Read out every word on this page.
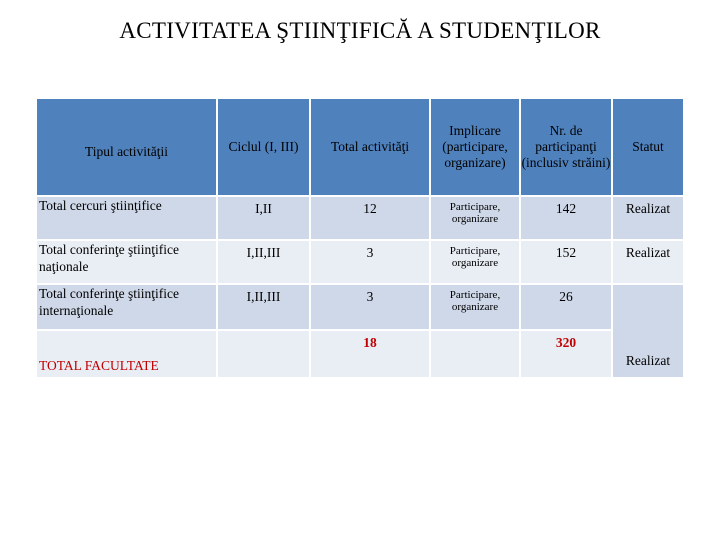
ACTIVITATEA ŞTIINŢIFICĂ A STUDENŢILOR
Tipul activităţii	Ciclul (I, III)	Total activităţi	Implicare (participare, organizare)	Nr. de participanţi (inclusiv străini)	Statut
Total cercuri ştiinţifice	I,II	12	Participare, organizare	142	Realizat
Total conferinţe ştiinţifice naţionale	I,II,III	3	Participare, organizare	152	Realizat
Total conferinţe ştiinţifice internaţionale	I,II,III	3	Participare, organizare	26	Realizat
TOTAL FACULTATE		18		320	
